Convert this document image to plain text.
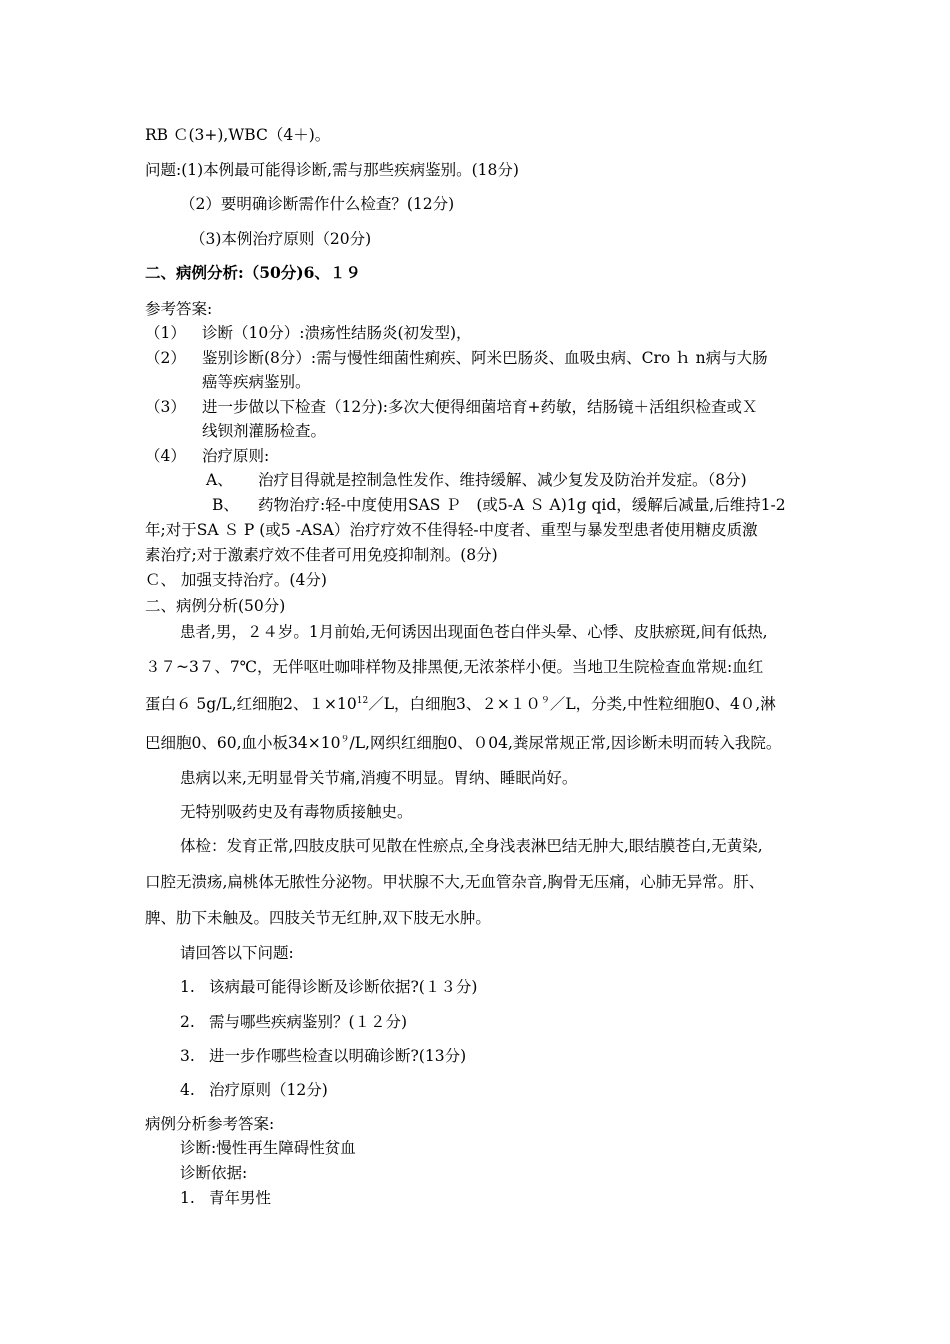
RB Ｃ(3+),WBC（4＋)。
问题:(1)本例最可能得诊断,需与那些疾病鉴别。(18分)
（2）要明确诊断需作什么检查？(12分)
（3)本例治疗原则（20分)
二、病例分析:（50分)6、１９
参考答案:
（1） 诊断（10分）:溃疡性结肠炎(初发型)，
（2） 鉴别诊断(8分）:需与慢性细菌性痢疾、阿米巴肠炎、血吸虫病、Cro ｈ n病与大肠
癌等疾病鉴别。
（3） 进一步做以下检查（12分):多次大便得细菌培育+药敏，结肠镜＋活组织检查或Ｘ
线钡剂灌肠检查。
（4） 治疗原则:
A、 治疗目得就是控制急性发作、维持缓解、减少复发及防治并发症。（8分)
B、 药物治疗:轻-中度使用SAS Ｐ　(或5-A Ｓ A)1g qid，缓解后减量,后维持1-2
年;对于SA Ｓ P (或5 -ASA）治疗疗效不佳得轻-中度者、重型与暴发型患者使用糖皮质激
素治疗;对于激素疗效不佳者可用免疫抑制剂。(8分)
Ｃ、 加强支持治疗。(4分)
二、病例分析(50分)
患者,男，２４岁。1月前始,无何诱因出现面色苍白伴头晕、心悸、皮肤瘀斑,间有低热,
３７~3７、7℃，无伴呕吐咖啡样物及排黑便,无浓茶样小便。当地卫生院检查血常规:血红
蛋白６ 5g/L,红细胞2、$1\times 10^{12}/L$，白细胞3、$2\times 10^9/L$，分类,中性粒细胞0、4０,淋
巴细胞0、60,血小板$34\times 10^9/L$,网织红细胞0、０04,粪尿常规正常,因诊断未明而转入我院。
患病以来,无明显骨关节痛,消瘦不明显。胃纳、睡眠尚好。
无特别吸药史及有毒物质接触史。
体检：发育正常,四肢皮肤可见散在性瘀点,全身浅表淋巴结无肿大,眼结膜苍白,无黄染,
口腔无溃疡,扁桃体无脓性分泌物。甲状腺不大,无血管杂音,胸骨无压痛，心肺无异常。肝、
脾、肋下未触及。四肢关节无红肿,双下肢无水肿。
请回答以下问题:
1. 该病最可能得诊断及诊断依据?(１３分)
2. 需与哪些疾病鉴别？(１２分)
3. 进一步作哪些检查以明确诊断?(13分)
4. 治疗原则（12分)
病例分析参考答案:
诊断:慢性再生障碍性贫血
诊断依据:
1. 青年男性
